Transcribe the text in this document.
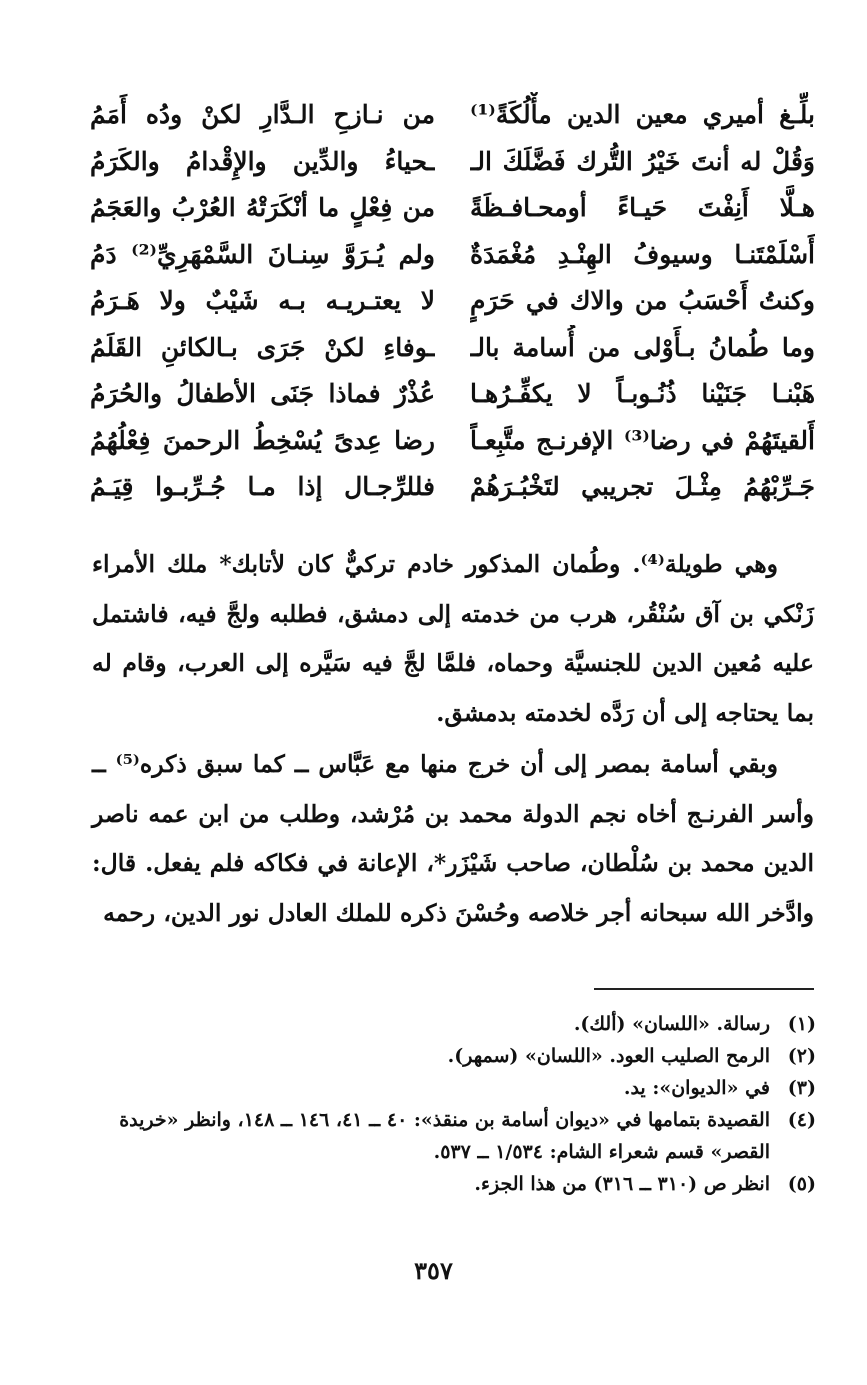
بلِّـغ أميري معين الدين مأْلُكَةً⁽¹⁾
من نـازحِ الـدَّارِ لكنْ ودُه أَمَمُ
وَقُلْ له أنتَ خَيْرُ التُّرك فَضَّلَكَ الـ
ـحياءُ والدِّين والإِقْدامُ والكَرَمُ
هـلَّا أَنِفْتَ حَيـاءً أومحـافـظَةً
من فِعْلٍ ما أنْكَرَتْهُ العُرْبُ والعَجَمُ
أَسْلَمْتَنـا وسيوفُ الهِنْـدِ مُغْمَدَةٌ
ولم يُـرَوَّ سِنـانَ السَّمْهَرِيِّ⁽²⁾ دَمُ
وكنتُ أَحْسَبُ من والاك في حَرَمٍ
لا يعتـريـه بـه شَيْبٌ ولا هَـرَمُ
وما طُمانُ بـأَوْلى من أُسامة بالـ
ـوفاءِ لكنْ جَرَى بـالكائنِ القَلَمُ
هَبْنـا جَنَيْنا ذُنُـوبـاً لا يكفِّـرُهـا
عُذْرٌ فماذا جَنَى الأطفالُ والحُرَمُ
أَلقيتَهُمْ في رضا⁽³⁾ الإفرنـج متَّبِعـاً
رضا عِدىً يُسْخِطُ الرحمنَ فِعْلُهُمُ
جَـرِّبْهُمُ مِثْـلَ تجريبي لتَخْبُـرَهُمْ
فللرِّجـال إذا مـا جُـرِّبـوا قِيَـمُ

وهي طويلة⁽⁴⁾. وطُمان المذكور خادم تركيٌّ كان لأتابك* ملك الأمراء زَنْكي بن آق سُنْقُر، هرب من خدمته إلى دمشق، فطلبه ولجَّ فيه، فاشتمل عليه مُعين الدين للجنسيَّة وحماه، فلمَّا لجَّ فيه سَيَّره إلى العرب، وقام له بما يحتاجه إلى أن رَدَّه لخدمته بدمشق.

وبقي أسامة بمصر إلى أن خرج منها مع عَبَّاس ــ كما سبق ذكره⁽⁵⁾ ــ وأسر الفرنـج أخاه نجم الدولة محمد بن مُرْشد، وطلب من ابن عمه ناصر الدين محمد بن سُلْطان، صاحب شَيْزَر*، الإعانة في فكاكه فلم يفعل. قال: وادَّخر الله سبحانه أجر خلاصه وحُسْنَ ذكره للملك العادل نور الدين، رحمه

(١)
رسالة. «اللسان» (ألك).
(٢)
الرمح الصليب العود. «اللسان» (سمهر).
(٣)
في «الديوان»: يد.
(٤)
القصيدة بتمامها في «ديوان أسامة بن منقذ»: ٤٠ ــ ٤١، ١٤٦ ــ ١٤٨، وانظر «خريدة
القصر» قسم شعراء الشام: ١/٥٣٤ ــ ٥٣٧.
(٥)
انظر ص (٣١٠ ــ ٣١٦) من هذا الجزء.
٣٥٧
